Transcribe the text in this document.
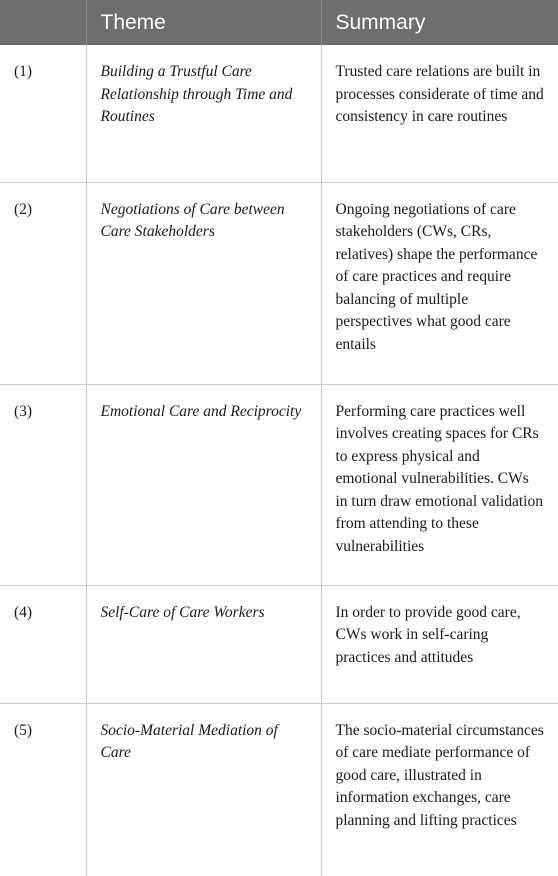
	Theme	Summary
(1)	Building a Trustful Care Relationship through Time and Routines	Trusted care relations are built in processes considerate of time and consistency in care routines
(2)	Negotiations of Care between Care Stakeholders	Ongoing negotiations of care stakeholders (CWs, CRs, relatives) shape the performance of care practices and require balancing of multiple perspectives what good care entails
(3)	Emotional Care and Reciprocity	Performing care practices well involves creating spaces for CRs to express physical and emotional vulnerabilities. CWs in turn draw emotional validation from attending to these vulnerabilities
(4)	Self-Care of Care Workers	In order to provide good care, CWs work in self-caring practices and attitudes
(5)	Socio-Material Mediation of Care	The socio-material circumstances of care mediate performance of good care, illustrated in information exchanges, care planning and lifting practices
